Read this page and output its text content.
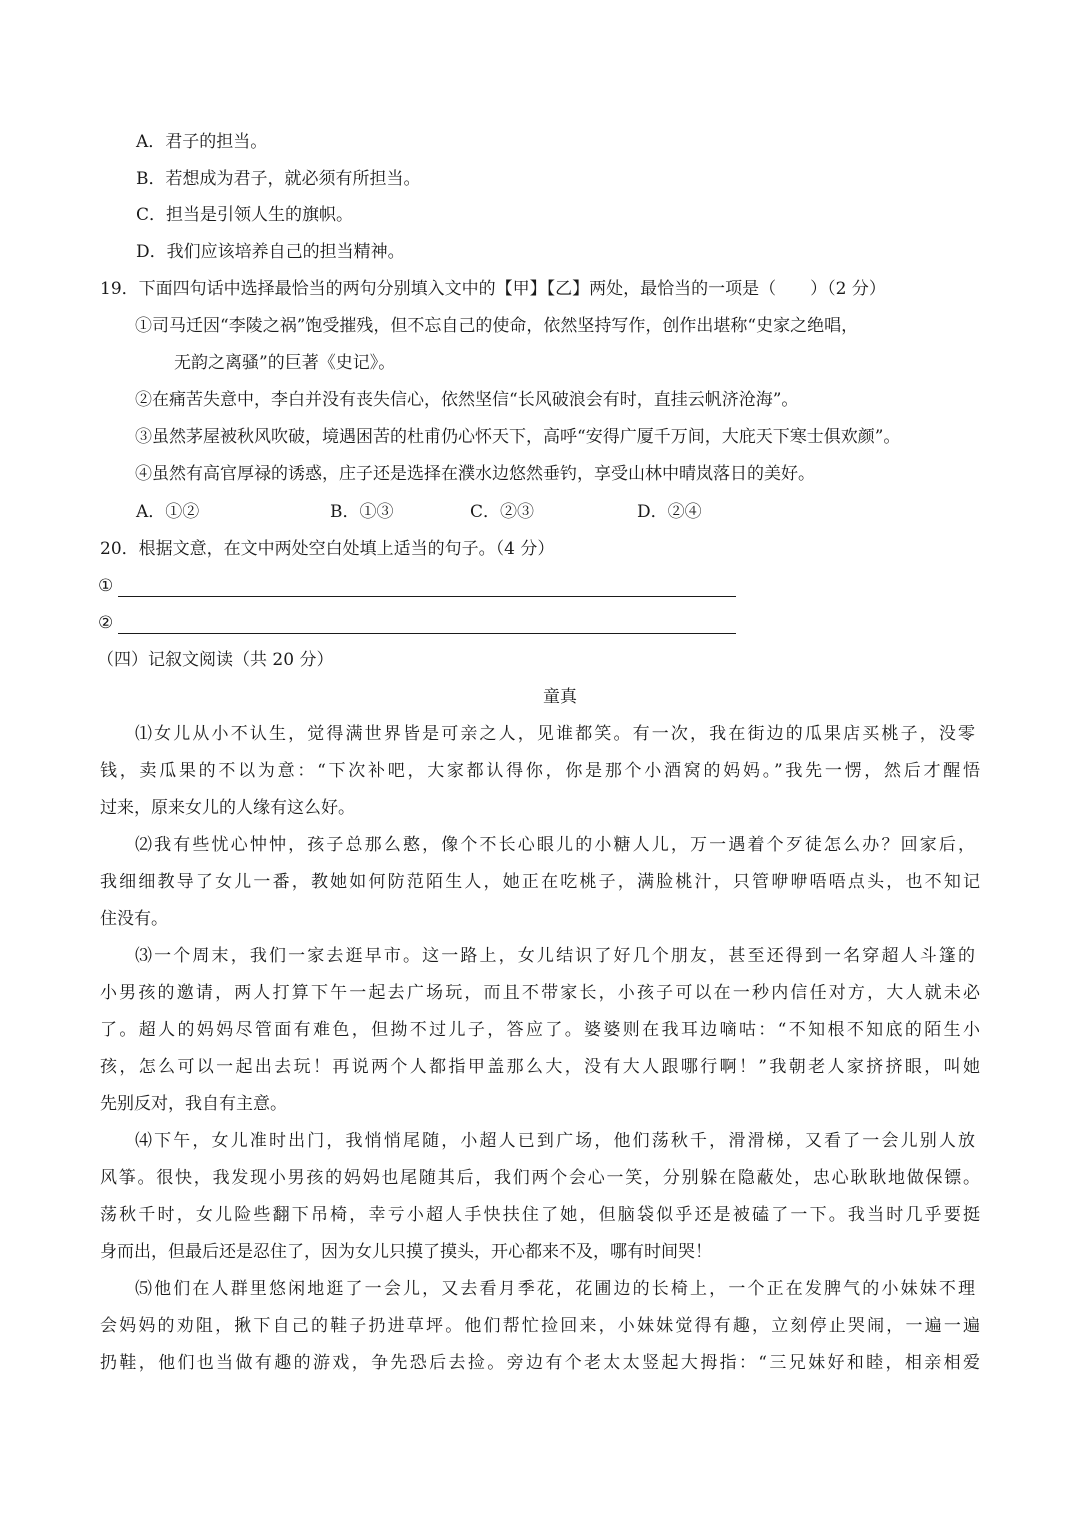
A．君子的担当。
B．若想成为君子，就必须有所担当。
C．担当是引领人生的旗帜。
D．我们应该培养自己的担当精神。
19．下面四句话中选择最恰当的两句分别填入文中的【甲】【乙】两处，最恰当的一项是（　　）（2 分）
①司马迁因“李陵之祸”饱受摧残，但不忘自己的使命，依然坚持写作，创作出堪称“史家之绝唱，
无韵之离骚”的巨著《史记》。
②在痛苦失意中，李白并没有丧失信心，依然坚信“长风破浪会有时，直挂云帆济沧海”。
③虽然茅屋被秋风吹破，境遇困苦的杜甫仍心怀天下，高呼“安得广厦千万间，大庇天下寒士俱欢颜”。
④虽然有高官厚禄的诱惑，庄子还是选择在濮水边悠然垂钓，享受山林中晴岚落日的美好。
A．①②	B．①③	C．②③	D．②④
20．根据文意，在文中两处空白处填上适当的句子。（4 分）
①
②
（四）记叙文阅读（共 20 分）
童真
⑴女儿从小不认生，觉得满世界皆是可亲之人，见谁都笑。有一次，我在街边的瓜果店买桃子，没零
钱，卖瓜果的不以为意：“下次补吧，大家都认得你，你是那个小酒窝的妈妈。”我先一愣，然后才醒悟
过来，原来女儿的人缘有这么好。
⑵我有些忧心忡忡，孩子总那么憨，像个不长心眼儿的小糖人儿，万一遇着个歹徒怎么办？回家后，
我细细教导了女儿一番，教她如何防范陌生人，她正在吃桃子，满脸桃汁，只管咿咿唔唔点头，也不知记
住没有。
⑶一个周末，我们一家去逛早市。这一路上，女儿结识了好几个朋友，甚至还得到一名穿超人斗篷的
小男孩的邀请，两人打算下午一起去广场玩，而且不带家长，小孩子可以在一秒内信任对方，大人就未必
了。超人的妈妈尽管面有难色，但拗不过儿子，答应了。婆婆则在我耳边嘀咕：“不知根不知底的陌生小
孩，怎么可以一起出去玩！再说两个人都指甲盖那么大，没有大人跟哪行啊！”我朝老人家挤挤眼，叫她
先别反对，我自有主意。
⑷下午，女儿准时出门，我悄悄尾随，小超人已到广场，他们荡秋千，滑滑梯，又看了一会儿别人放
风筝。很快，我发现小男孩的妈妈也尾随其后，我们两个会心一笑，分别躲在隐蔽处，忠心耿耿地做保镖。
荡秋千时，女儿险些翻下吊椅，幸亏小超人手快扶住了她，但脑袋似乎还是被磕了一下。我当时几乎要挺
身而出，但最后还是忍住了，因为女儿只摸了摸头，开心都来不及，哪有时间哭！
⑸他们在人群里悠闲地逛了一会儿，又去看月季花，花圃边的长椅上，一个正在发脾气的小妹妹不理
会妈妈的劝阻，揪下自己的鞋子扔进草坪。他们帮忙捡回来，小妹妹觉得有趣，立刻停止哭闹，一遍一遍
扔鞋，他们也当做有趣的游戏，争先恐后去捡。旁边有个老太太竖起大拇指：“三兄妹好和睦，相亲相爱
